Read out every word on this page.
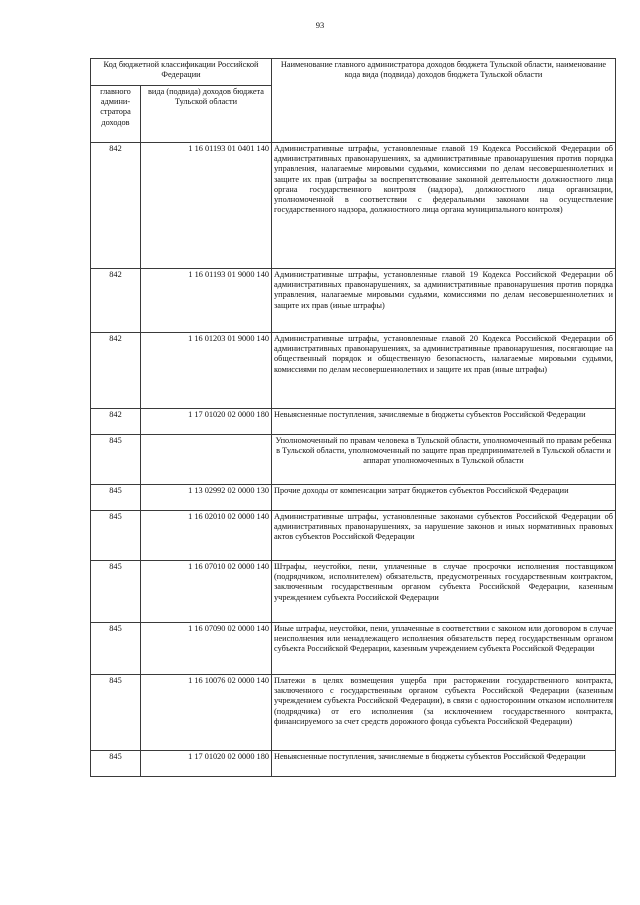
93
Код бюджетной классификации Российской Федерации		Наименование главного администратора доходов бюджета Тульской области, наименование кода вида (подвида) доходов бюджета Тульской области
главного админи-стратора доходов	вида (подвида) доходов бюджета Тульской области	
842	1 16 01193 01 0401 140	Административные штрафы, установленные главой 19 Кодекса Российской Федерации об административных правонарушениях, за административные правонарушения против порядка управления, налагаемые мировыми судьями, комиссиями по делам несовершеннолетних и защите их прав (штрафы за воспрепятствование законной деятельности должностного лица органа государственного контроля (надзора), должностного лица организации, уполномоченной в соответствии с федеральными законами на осуществление государственного надзора, должностного лица органа муниципального контроля)
842	1 16 01193 01 9000 140	Административные штрафы, установленные главой 19 Кодекса Российской Федерации об административных правонарушениях, за административные правонарушения против порядка управления, налагаемые мировыми судьями, комиссиями по делам несовершеннолетних и защите их прав (иные штрафы)
842	1 16 01203 01 9000 140	Административные штрафы, установленные главой 20 Кодекса Российской Федерации об административных правонарушениях, за административные правонарушения, посягающие на общественный порядок и общественную безопасность, налагаемые мировыми судьями, комиссиями по делам несовершеннолетних и защите их прав (иные штрафы)
842	1 17 01020 02 0000 180	Невыясненные поступления, зачисляемые в бюджеты субъектов Российской Федерации
845		Уполномоченный по правам человека в Тульской области, уполномоченный по правам ребенка в Тульской области, уполномоченный по защите прав предпринимателей в Тульской области и аппарат уполномоченных в Тульской области
845	1 13 02992 02 0000 130	Прочие доходы от компенсации затрат бюджетов субъектов Российской Федерации
845	1 16 02010 02 0000 140	Административные штрафы, установленные законами субъектов Российской Федерации об административных правонарушениях, за нарушение законов и иных нормативных правовых актов субъектов Российской Федерации
845	1 16 07010 02 0000 140	Штрафы, неустойки, пени, уплаченные в случае просрочки исполнения поставщиком (подрядчиком, исполнителем) обязательств, предусмотренных государственным контрактом, заключенным государственным органом субъекта Российской Федерации, казенным учреждением субъекта Российской Федерации
845	1 16 07090 02 0000 140	Иные штрафы, неустойки, пени, уплаченные в соответствии с законом или договором в случае неисполнения или ненадлежащего исполнения обязательств перед государственным органом субъекта Российской Федерации, казенным учреждением субъекта Российской Федерации
845	1 16 10076 02 0000 140	Платежи в целях возмещения ущерба при расторжении государственного контракта, заключенного с государственным органом субъекта Российской Федерации (казенным учреждением субъекта Российской Федерации), в связи с односторонним отказом исполнителя (подрядчика) от его исполнения (за исключением государственного контракта, финансируемого за счет средств дорожного фонда субъекта Российской Федерации)
845	1 17 01020 02 0000 180	Невыясненные поступления, зачисляемые в бюджеты субъектов Российской Федерации
